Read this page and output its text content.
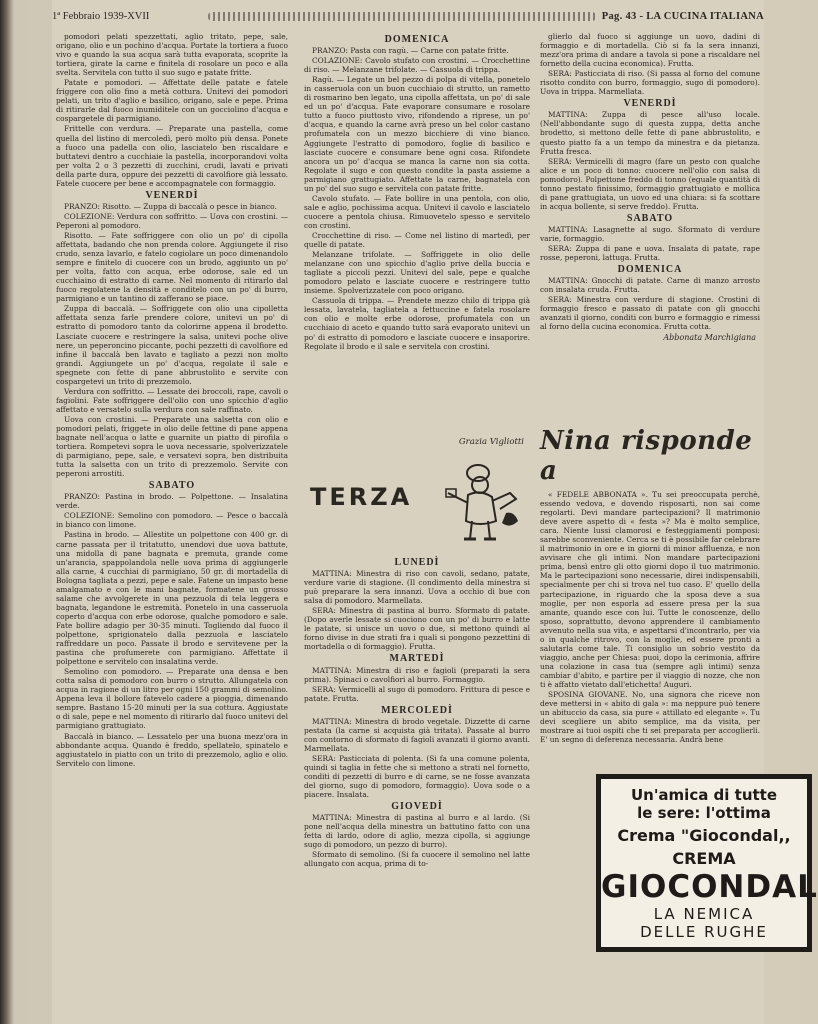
1ª Febbraio 1939-XVII	Pag. 43 - LA CUCINA ITALIANA

pomodori pelati spezzettati, aglio tritato, pepe, sale, origano, olio e un pochino d'acqua. Portate la tortiera a fuoco vivo e quando la sua acqua sarà tutta evaporata, scoprite la tortiera, girate la carne e finitela di rosolare un poco e alla svelta. Servitela con tutto il suo sugo e patate fritte.

Patate e pomodori. — Affettate delle patate e fatele friggere con olio fino a metà cottura. Unitevi dei pomodori pelati, un trito d'aglio e basilico, origano, sale e pepe. Prima di ritirarle dal fuoco inumiditele con un gocciolino d'acqua e cospargetele di parmigiano.

Frittelle con verdura. — Preparate una pastella, come quella del listino di mercoledì, però molto più densa. Ponete a fuoco una padella con olio, lasciatelo ben riscaldare e buttatevi dentro a cucchiaie la pastella, incorporandovi volta per volta 2 o 3 pezzetti di zucchini, crudi, lavati e privati della parte dura, oppure dei pezzetti di cavolfiore già lessato. Fatele cuocere per bene e accompagnatele con formaggio.

VENERDÌ

PRANZO: Risotto. — Zuppa di baccalà o pesce in bianco.

COLEZIONE: Verdura con soffritto. — Uova con crostini. — Peperoni al pomodoro.

Risotto. — Fate soffriggere con olio un po' di cipolla affettata, badando che non prenda colore. Aggiungete il riso crudo, senza lavarlo, e fatelo cogiolare un poco dimenandolo sempre e finitelo di cuocere con un brodo, aggiunto un po' per volta, fatto con acqua, erbe odorose, sale ed un cucchiaino di estratto di carne. Nel momento di ritirarlo dal fuoco regolatene la densità e conditelo con un po' di burro, parmigiano e un tantino di zafferano se piace.

Zuppa di baccalà. — Soffriggete con olio una cipolletta affettata senza farle prendere colore, unitevi un po' di estratto di pomodoro tanto da colorirne appena il brodetto. Lasciate cuocere e restringere la salsa, unitevi poche olive nere, un peperoncino piccante, pochi pezzetti di cavolfiore ed infine il baccalà ben lavato e tagliato a pezzi non molto grandi. Aggiungete un po' d'acqua, regolate il sale e spegnete con fette di pane abbrustolito e servite con cospargetevi un trito di prezzemolo.

Verdura con soffritto. — Lessate dei broccoli, rape, cavoli o fagiolini. Fate soffriggere dell'olio con uno spicchio d'aglio affettato e versatelo sulla verdura con sale raffinato.

Uova con crostini. — Preparate una salsetta con olio e pomodori pelati, friggete in olio delle fettine di pane appena bagnate nell'acqua o latte e guarnite un piatto di pirofila o tortiera. Rompetevi sopra le uova necessarie, spolverizzatele di parmigiano, pepe, sale, e versatevi sopra, ben distribuita tutta la salsetta con un trito di prezzemolo. Servite con peperoni arrostiti.

SABATO

PRANZO: Pastina in brodo. — Polpettone. — Insalatina verde.

COLEZIONE: Semolino con pomodoro. — Pesce o baccalà in bianco con limone.

Pastina in brodo. — Allestite un polpettone con 400 gr. di carne passata per il tritatutto, unendovi due uova battute, una midolla di pane bagnata e premuta, grande come un'arancia, spappolandola nelle uova prima di aggiungerle alla carne, 4 cucchiai di parmigiano, 50 gr. di mortadella di Bologna tagliata a pezzi, pepe e sale. Fatene un impasto bene amalgamato e con le mani bagnate, formatene un grosso salame che avvolgerete in una pezzuola di tela leggera e bagnata, legandone le estremità. Ponetelo in una casseruola coperto d'acqua con erbe odorose, qualche pomodoro e sale. Fate bollire adagio per 30-35 minuti. Togliendo dal fuoco il polpettone, sprigionatelo dalla pezzuola e lasciatelo raffreddare un poco. Passate il brodo e servitevene per la pastina che profumerete con parmigiano. Affettate il polpettone e servitelo con insalatina verde.

Semolino con pomodoro. — Preparate una densa e ben cotta salsa di pomodoro con burro o strutto. Allungatela con acqua in ragione di un litro per ogni 150 grammi di semolino. Appena leva il bollore fatevelo cadere a pioggia, dimenando sempre. Bastano 15-20 minuti per la sua cottura. Aggiustate o di sale, pepe e nel momento di ritirarlo dal fuoco unitevi del parmigiano grattugiato.

Baccalà in bianco. — Lessatelo per una buona mezz'ora in abbondante acqua. Quando è freddo, spellatelo, spinatelo e aggiustatelo in piatto con un trito di prezzemolo, aglio e olio. Servitelo con limone.

DOMENICA

PRANZO: Pasta con ragù. — Carne con patate fritte.

COLAZIONE: Cavolo stufato con crostini. — Crocchettine di riso. — Melanzane trifolate. — Cassuola di trippa.

Ragù. — Legate un bel pezzo di polpa di vitella, ponetelo in casseruola con un buon cucchiaio di strutto, un rametto di rosmarino ben legato, una cipolla affettata, un po' di sale ed un po' d'acqua. Fate evaporare consumare e rosolare tutto a fuoco piuttosto vivo, rifondendo a riprese, un po' d'acqua, e quando la carne avrà preso un bel color castano profumatela con un mezzo bicchiere di vino bianco. Aggiungete l'estratto di pomodoro, foglie di basilico e lasciate cuocere e consumare bene ogni cosa. Rifondete ancora un po' d'acqua se manca la carne non sia cotta. Regolate il sugo e con questo condite la pasta assieme a parmigiano grattugiato. Affettate la carne, bagnatela con un po' del suo sugo e servitela con patate fritte.

Cavolo stufato. — Fate bollire in una pentola, con olio, sale e aglio, pochissima acqua. Unitevi il cavolo e lasciatelo cuocere a pentola chiusa. Rimuovetelo spesso e servitelo con crostini.

Crocchettine di riso. — Come nel listino di martedì, per quelle di patate.

Melanzane trifolate. — Soffriggete in olio delle melanzane con uno spicchio d'aglio prive della buccia e tagliate a piccoli pezzi. Unitevi del sale, pepe e qualche pomodoro pelato e lasciate cuocere e restringere tutto insieme. Spolverizzatele con poco origano.

Cassuola di trippa. — Prendete mezzo chilo di trippa già lessata, lavatela, tagliatela a fettuccine e fatela rosolare con olio e molte erbe odorose, profumatela con un cucchiaio di aceto e quando tutto sarà evaporato unitevi un po' di estratto di pomodoro e lasciate cuocere e insaporire. Regolate il brodo e il sale e servitela con crostini.

Grazia Vigliotti
TERZA
LUNEDÌ

MATTINA: Minestra di riso con cavoli, sedano, patate, verdure varie di stagione. (Il condimento della minestra si può preparare la sera innanzi. Uova a occhio di bue con salsa di pomodoro. Marmellata.

SERA: Minestra di pastina al burro. Sformato di patate. (Dopo averle lessate si cuociono con un po' di burro e latte le patate, si unisce un uovo o due, si mettono quindi al forno divise in due strati fra i quali si pongono pezzettini di mortadella o di formaggio). Frutta.

MARTEDÌ

MATTINA: Minestra di riso e fagioli (preparati la sera prima). Spinaci o cavolfiori al burro. Formaggio.

SERA: Vermicelli al sugo di pomodoro. Frittura di pesce e patate. Frutta.

MERCOLEDÌ

MATTINA: Minestra di brodo vegetale. Dizzette di carne pestata (la carne si acquista già tritata). Passate al burro con contorno di sformato di fagioli avanzati il giorno avanti. Marmellata.

SERA: Pasticciata di polenta. (Si fa una comune polenta, quindi si taglia in fette che si mettono a strati nel fornetto, conditi di pezzetti di burro e di carne, se ne fosse avanzata del giorno, sugo di pomodoro, formaggio). Uova sode o a piacere. Insalata.

GIOVEDÌ

MATTINA: Minestra di pastina al burro e al lardo. (Si pone nell'acqua della minestra un battutino fatto con una fetta di lardo, odore di aglio, mezza cipolla, si aggiunge sugo di pomodoro, un pezzo di burro).

Sformato di semolino. (Si fa cuocere il semolino nel latte allungato con acqua, prima di to-

glierlo dal fuoco si aggiunge un uovo, dadini di formaggio e di mortadella. Ciò si fa la sera innanzi, mezz'ora prima di andare a tavola si pone a riscaldare nel fornetto della cucina economica). Frutta.

SERA: Pasticciata di riso. (Si passa al forno del comune risotto condito con burro, formaggio, sugo di pomodoro). Uova in trippa. Marmellata.

VENERDÌ

MATTINA: Zuppa di pesce all'uso locale. (Nell'abbondante sugo di questa zuppa, detta anche brodetto, si mettono delle fette di pane abbrustolito, e questo piatto fa a un tempo da minestra e da pietanza. Frutta fresca.

SERA: Vermicelli di magro (fare un pesto con qualche alice e un poco di tonno: cuocere nell'olio con salsa di pomodoro). Polpettone freddo di tonno (eguale quantità di tonno pestato finissimo, formaggio grattugiato e mollica di pane grattugiata, un uovo ed una chiara: si fa scottare in acqua bollente, si serve freddo). Frutta.

SABATO

MATTINA: Lasagnette al sugo. Sformato di verdure varie, formaggio.

SERA: Zuppa di pane e uova. Insalata di patate, rape rosse, peperoni, lattuga. Frutta.

DOMENICA

MATTINA: Gnocchi di patate. Carne di manzo arrosto con insalata cruda. Frutta.

SERA: Minestra con verdure di stagione. Crostini di formaggio fresco e passato di patate con gli gnocchi avanzati il giorno, conditi con burro e formaggio e rimessi al forno della cucina economica. Frutta cotta.

Abbonata Marchigiana
Nina risponde a

« FEDELE ABBONATA ». Tu sei preoccupata perchè, essendo vedova, e dovendo risposarti, non sai come regolarti. Devi mandare partecipazioni? Il matrimonio deve avere aspetto di « festa »? Ma è molto semplice, cara. Niente lussi clamorosi e festeggiamenti pomposi: sarebbe sconveniente. Cerca se ti è possibile far celebrare il matrimonio in ore e in giorni di minor affluenza, e non avvisare che gli intimi. Non mandare partecipazioni prima, bensì entro gli otto giorni dopo il tuo matrimonio. Ma le partecipazioni sono necessarie, direi indispensabili, specialmente per chi si trova nel tuo caso. E' quello della partecipazione, in riguardo che la sposa deve a sua moglie, per non esporla ad essere presa per la sua amante, quando esce con lui. Tutte le conoscenze, dello sposo, soprattutto, devono apprendere il cambiamento avvenuto nella sua vita, e aspettarsi d'incontrarlo, per via o in qualche ritrovo, con la moglie, ed essere pronti a salutarla come tale. Ti consiglio un sobrio vestito da viaggio, anche per Chiesa: puoi, dopo la cerimonia, affrire una colazione in casa tua (sempre agli intimi) senza cambiar d'abito, e partire per il viaggio di nozze, che non ti è affatto vietato dall'etichetta! Auguri.

SPOSINA GIOVANE. No, una signora che riceve non deve mettersi in « abito di gala »: ma neppure può tenere un abituccio da casa, sia pure « attillato ed elegante ». Tu devi scegliere un abito semplice, ma da visita, per mostrare ai tuoi ospiti che ti sei preparata per accoglierli. E' un segno di deferenza necessaria. Andrà bene

Un'amica di tutte
le sere: l'ottima
Crema "Giocondal,,
CREMA
GIOCONDAL
LA NEMICA
DELLE RUGHE
